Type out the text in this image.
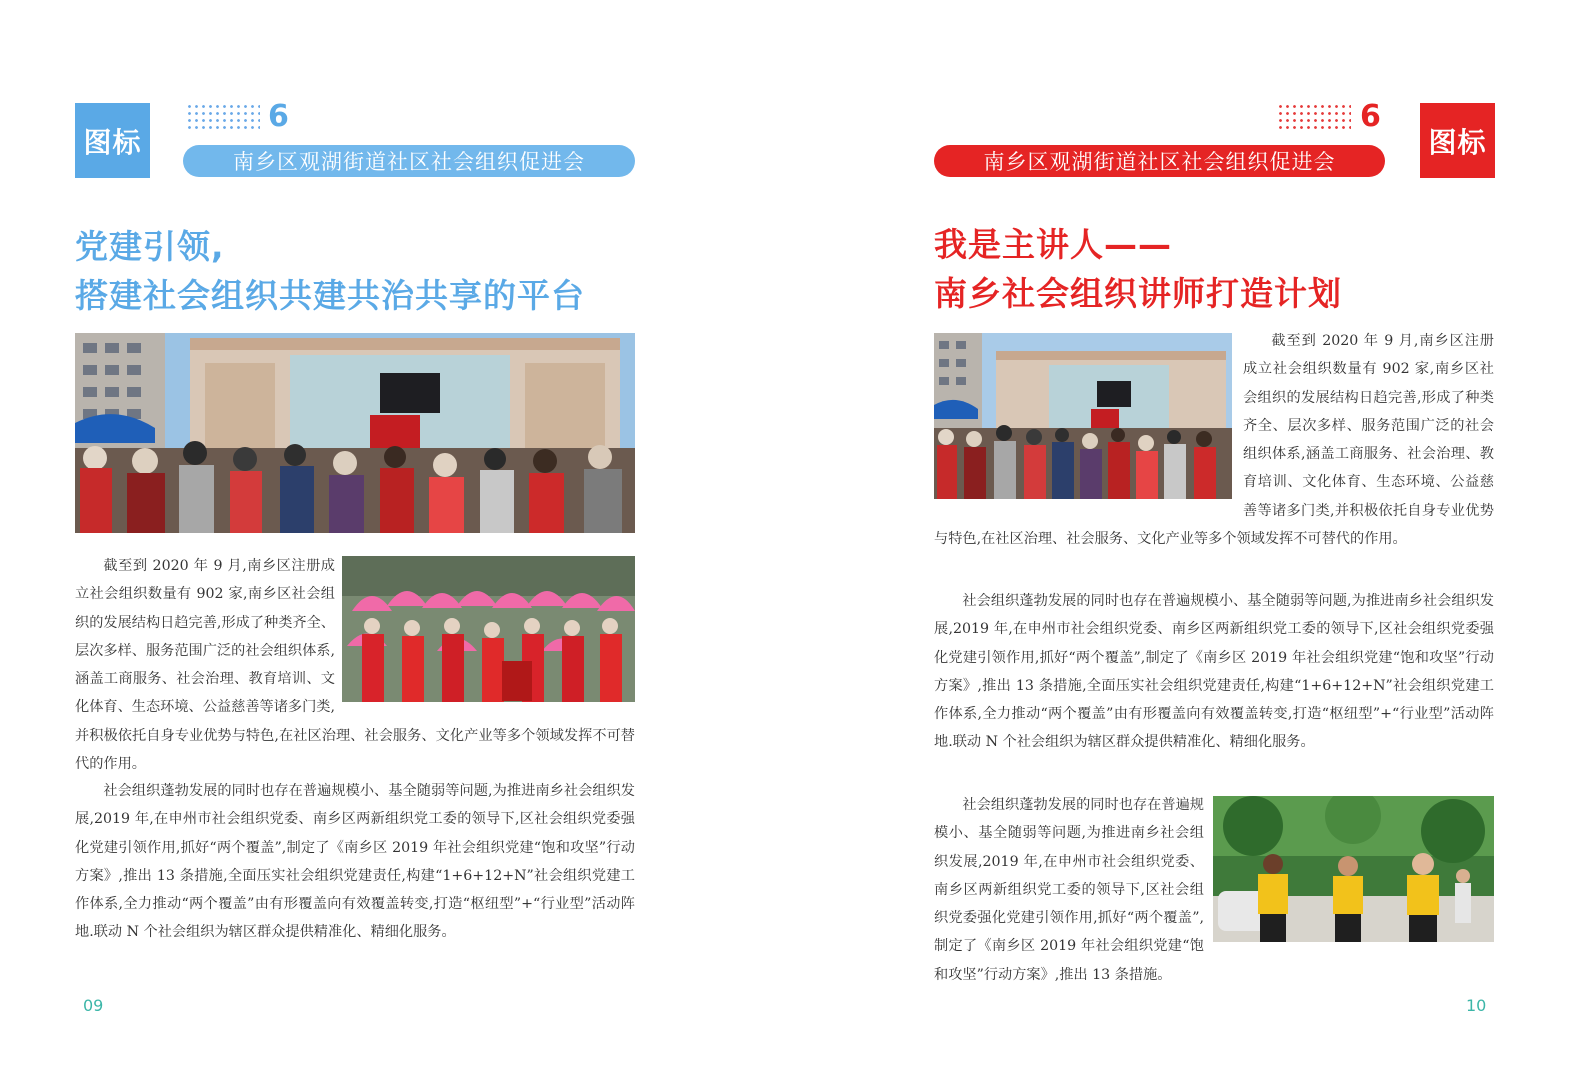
图标
6
南乡区观湖街道社区社会组织促进会
党建引领,
搭建社会组织共建共治共享的平台

截至到 2020 年 9 月,南乡区注册成立社会组织数量有 902 家,南乡区社会组织的发展结构日趋完善,形成了种类齐全、层次多样、服务范围广泛的社会组织体系,涵盖工商服务、社会治理、教育培训、文化体育、生态环境、公益慈善等诸多门类,并积极依托自身专业优势与特色,在社区治理、社会服务、文化产业等多个领域发挥不可替代的作用。

社会组织蓬勃发展的同时也存在普遍规模小、基全随弱等问题,为推进南乡社会组织发展,2019 年,在申州市社会组织党委、南乡区两新组织党工委的领导下,区社会组织党委强化党建引领作用,抓好“两个覆盖”,制定了《南乡区 2019 年社会组织党建“饱和攻坚”行动方案》,推出 13 条措施,全面压实社会组织党建责任,构建“1+6+12+N”社会组织党建工作体系,全力推动“两个覆盖”由有形覆盖向有效覆盖转变,打造“枢纽型”+“行业型”活动阵地.联动 N 个社会组织为辖区群众提供精准化、精细化服务。

09
6
图标
南乡区观湖街道社区社会组织促进会
我是主讲人——
南乡社会组织讲师打造计划

截至到 2020 年 9 月,南乡区注册成立社会组织数量有 902 家,南乡区社会组织的发展结构日趋完善,形成了种类齐全、层次多样、服务范围广泛的社会组织体系,涵盖工商服务、社会治理、教育培训、文化体育、生态环境、公益慈善等诸多门类,并积极依托自身专业优势与特色,在社区治理、社会服务、文化产业等多个领域发挥不可替代的作用。

社会组织蓬勃发展的同时也存在普遍规模小、基全随弱等问题,为推进南乡社会组织发展,2019 年,在申州市社会组织党委、南乡区两新组织党工委的领导下,区社会组织党委强化党建引领作用,抓好“两个覆盖”,制定了《南乡区 2019 年社会组织党建“饱和攻坚”行动方案》,推出 13 条措施,全面压实社会组织党建责任,构建“1+6+12+N”社会组织党建工作体系,全力推动“两个覆盖”由有形覆盖向有效覆盖转变,打造“枢纽型”+“行业型”活动阵地.联动 N 个社会组织为辖区群众提供精准化、精细化服务。

社会组织蓬勃发展的同时也存在普遍规模小、基全随弱等问题,为推进南乡社会组织发展,2019 年,在申州市社会组织党委、南乡区两新组织党工委的领导下,区社会组织党委强化党建引领作用,抓好“两个覆盖”,制定了《南乡区 2019 年社会组织党建“饱和攻坚”行动方案》,推出 13 条措施。

10
